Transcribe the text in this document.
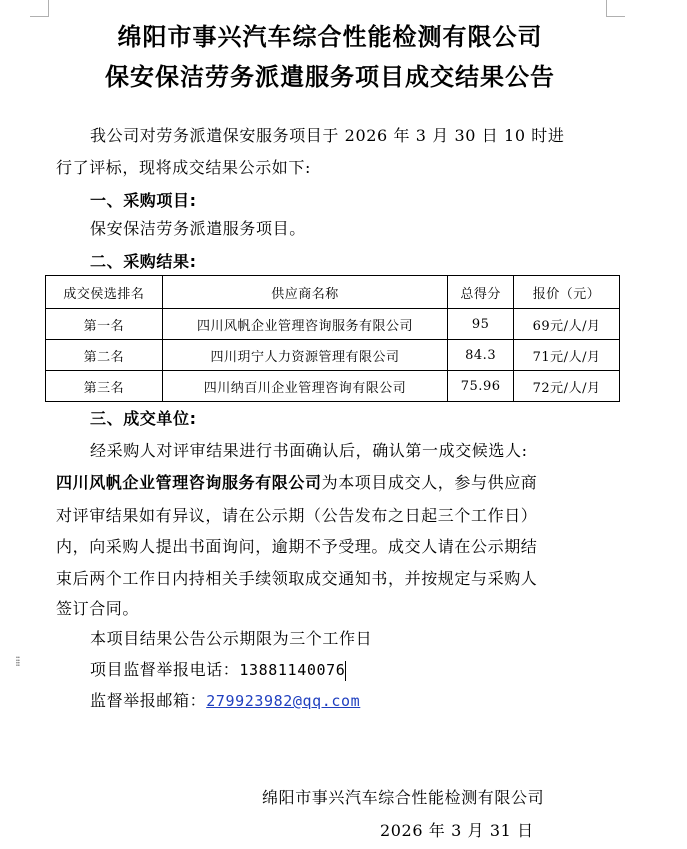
绵阳市事兴汽车综合性能检测有限公司
保安保洁劳务派遣服务项目成交结果公告
我公司对劳务派遣保安服务项目于 2026 年 3 月 30 日 10 时进
行了评标，现将成交结果公示如下:
一、采购项目:
保安保洁劳务派遣服务项目。
二、采购结果:
成交侯选排名	供应商名称	总得分	报价（元）
第一名	四川风帆企业管理咨询服务有限公司	95	69元/人/月
第二名	四川玥宁人力资源管理有限公司	84.3	71元/人/月
第三名	四川纳百川企业管理咨询有限公司	75.96	72元/人/月
三、成交单位:
经采购人对评审结果进行书面确认后，确认第一成交候选人:
四川风帆企业管理咨询服务有限公司为本项目成交人，参与供应商
对评审结果如有异议，请在公示期（公告发布之日起三个工作日）
内，向采购人提出书面询问，逾期不予受理。成交人请在公示期结
束后两个工作日内持相关手续领取成交通知书，并按规定与采购人
签订合同。
本项目结果公告公示期限为三个工作日
⁞⁞	项目监督举报电话：13881140076
监督举报邮箱：279923982@qq.com
绵阳市事兴汽车综合性能检测有限公司
2026 年 3 月 31 日
